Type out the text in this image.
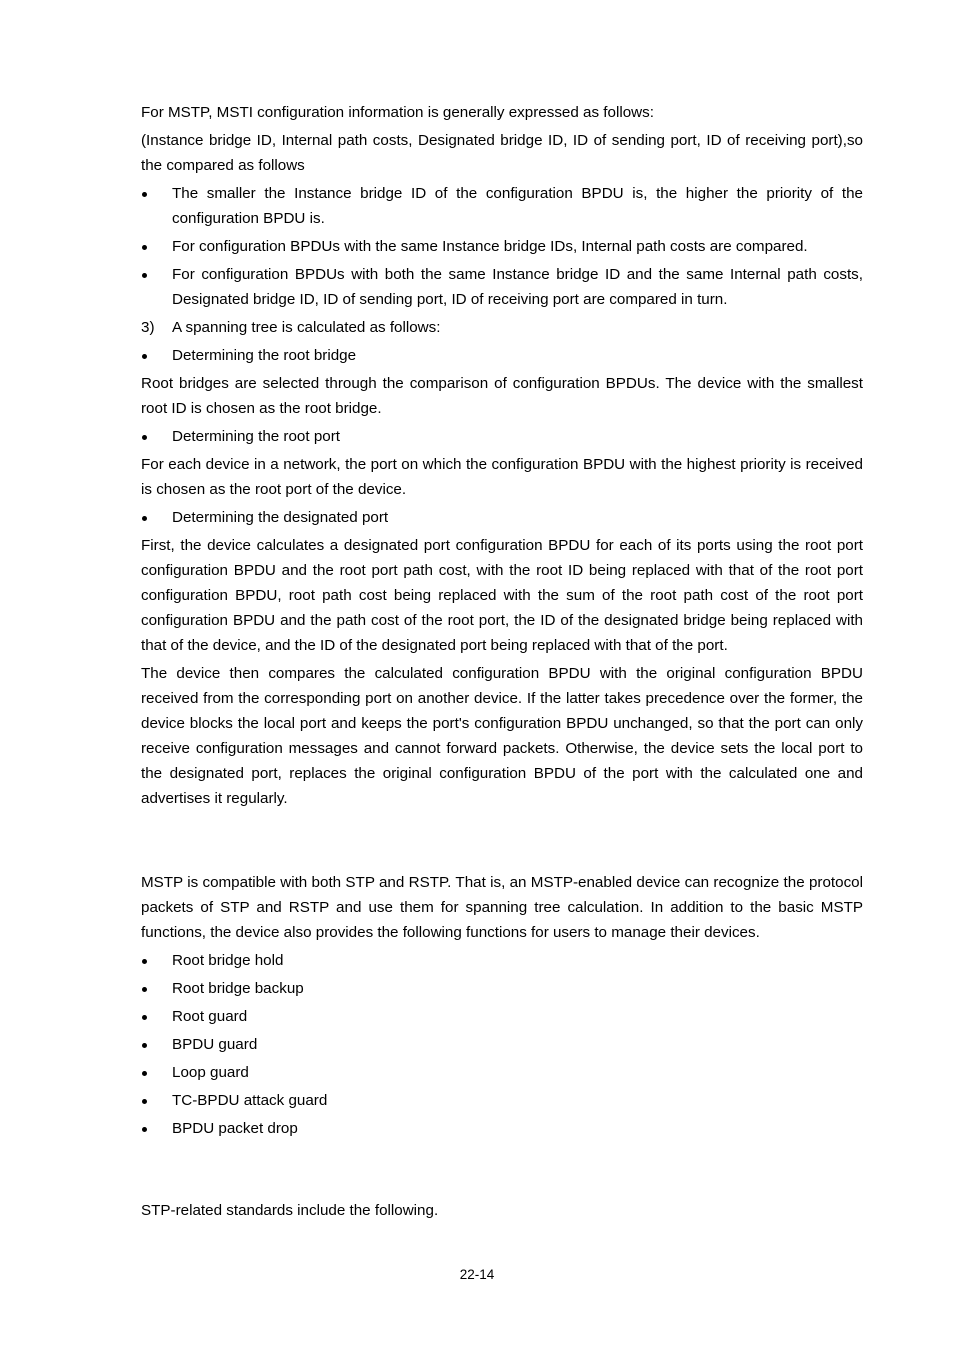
For MSTP, MSTI configuration information is generally expressed as follows:

(Instance bridge ID, Internal path costs, Designated bridge ID, ID of sending port, ID of receiving port),so the compared as follows

The smaller the Instance bridge ID of the configuration BPDU is, the higher the priority of the configuration BPDU is.
For configuration BPDUs with the same Instance bridge IDs, Internal path costs are compared.
For configuration BPDUs with both the same Instance bridge ID and the same Internal path costs, Designated bridge ID, ID of sending port, ID of receiving port are compared in turn.
3) A spanning tree is calculated as follows:
Determining the root bridge

Root bridges are selected through the comparison of configuration BPDUs. The device with the smallest root ID is chosen as the root bridge.

Determining the root port

For each device in a network, the port on which the configuration BPDU with the highest priority is received is chosen as the root port of the device.

Determining the designated port

First, the device calculates a designated port configuration BPDU for each of its ports using the root port configuration BPDU and the root port path cost, with the root ID being replaced with that of the root port configuration BPDU, root path cost being replaced with the sum of the root path cost of the root port configuration BPDU and the path cost of the root port, the ID of the designated bridge being replaced with that of the device, and the ID of the designated port being replaced with that of the port.

The device then compares the calculated configuration BPDU with the original configuration BPDU received from the corresponding port on another device. If the latter takes precedence over the former, the device blocks the local port and keeps the port's configuration BPDU unchanged, so that the port can only receive configuration messages and cannot forward packets. Otherwise, the device sets the local port to the designated port, replaces the original configuration BPDU of the port with the calculated one and advertises it regularly.

MSTP is compatible with both STP and RSTP. That is, an MSTP-enabled device can recognize the protocol packets of STP and RSTP and use them for spanning tree calculation. In addition to the basic MSTP functions, the device also provides the following functions for users to manage their devices.

Root bridge hold
Root bridge backup
Root guard
BPDU guard
Loop guard
TC-BPDU attack guard
BPDU packet drop

STP-related standards include the following.

22-14
